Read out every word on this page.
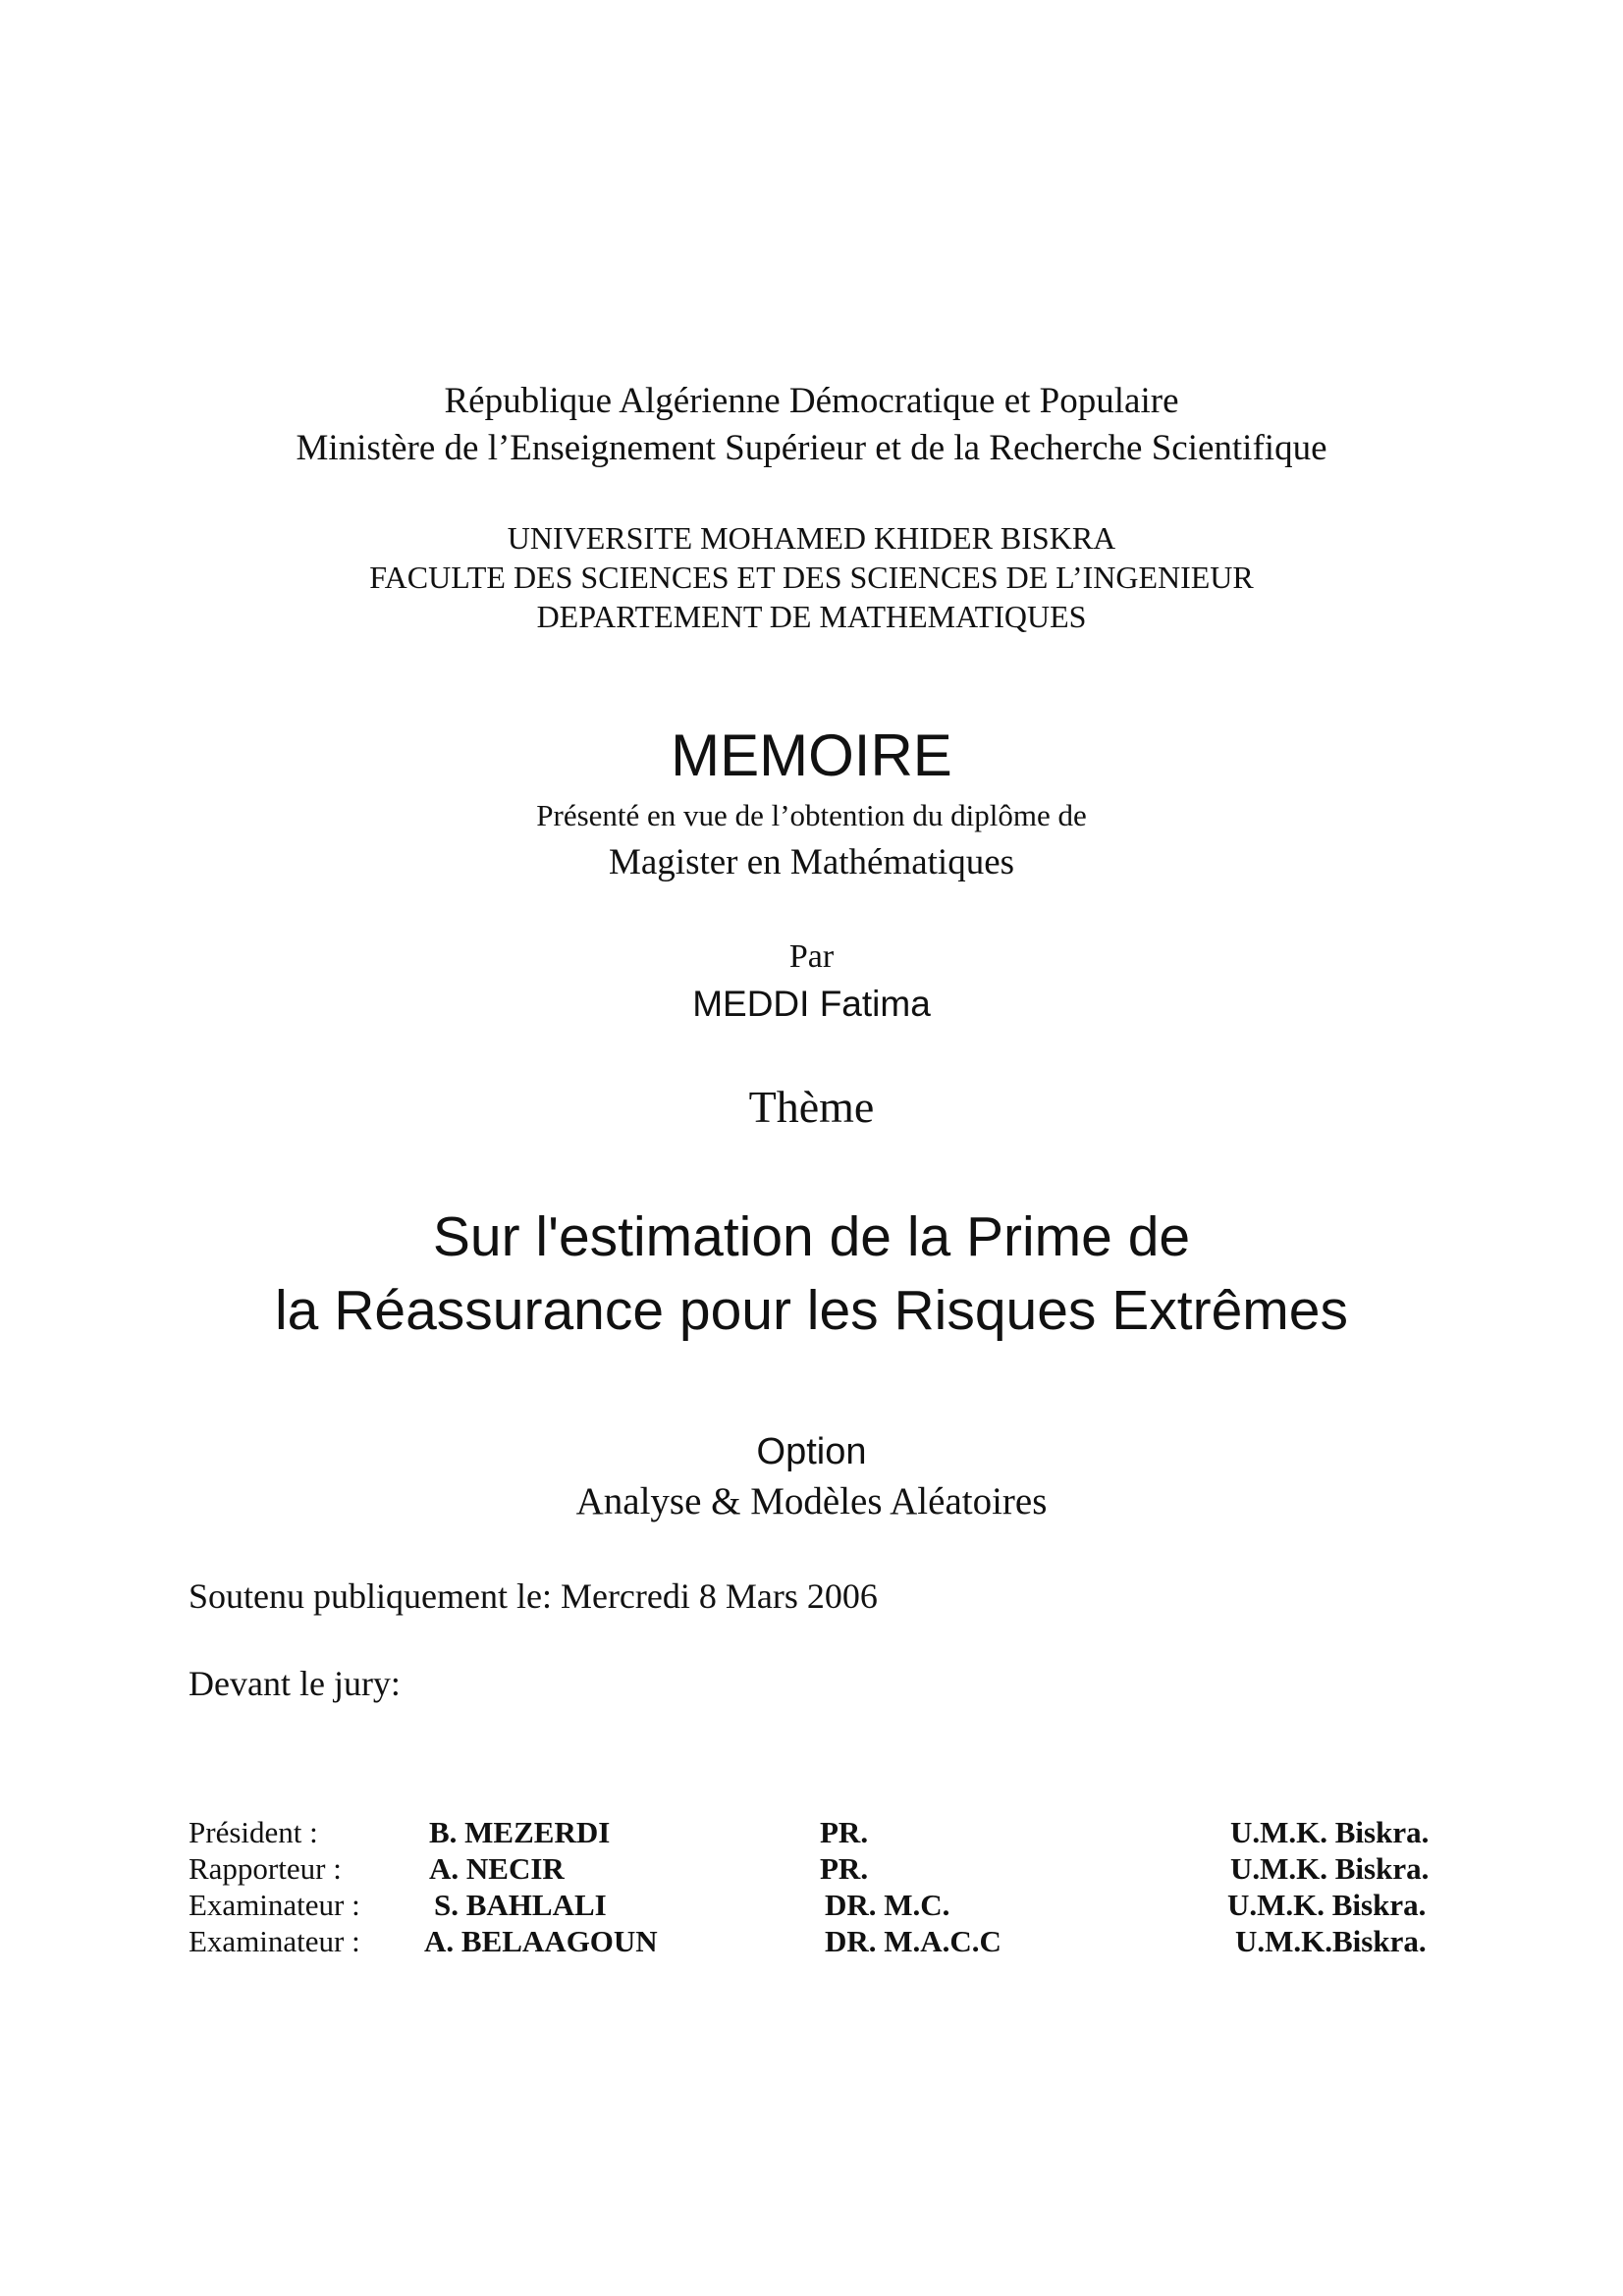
République Algérienne Démocratique et Populaire
Ministère de l’Enseignement Supérieur et de la Recherche Scientifique
UNIVERSITE MOHAMED KHIDER BISKRA
FACULTE DES SCIENCES ET DES SCIENCES DE L’INGENIEUR
DEPARTEMENT DE MATHEMATIQUES
MEMOIRE
Présenté en vue de l’obtention du diplôme de
Magister en Mathématiques
Par
MEDDI Fatima
Thème
Sur l'estimation de la Prime de
la Réassurance pour les Risques Extrêmes
Option
Analyse & Modèles Aléatoires
Soutenu publiquement le: Mercredi 8 Mars 2006
Devant le jury:
Président :	B. MEZERDI	PR.	U.M.K. Biskra.
Rapporteur :	A. NECIR	PR.	U.M.K. Biskra.
Examinateur : S. BAHLALI	DR. M.C.	U.M.K. Biskra.
Examinateur : A. BELAAGOUN	DR. M.A.C.C	U.M.K.Biskra.
